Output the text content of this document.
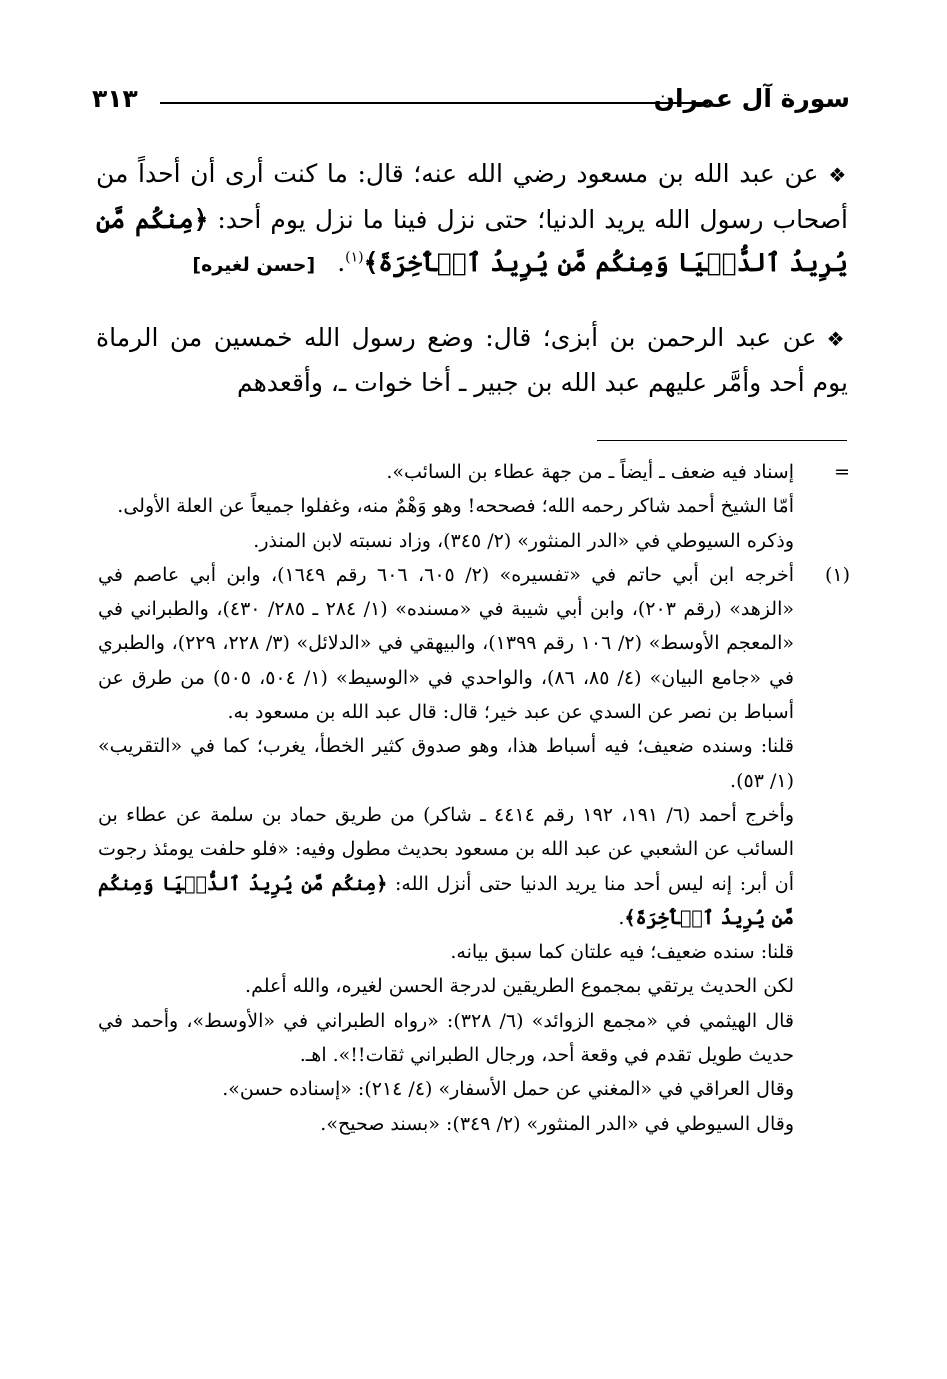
سورة آل عمران
٣١٣

❖عن عبد الله بن مسعود رضي الله عنه؛ قال: ما كنت أرى أن أحداً من أصحاب رسول الله يريد الدنيا؛ حتى نزل فينا ما نزل يوم أحد: ﴿مِنكُم مَّن يُرِيدُ ٱلدُّنۡيَا وَمِنكُم مَّن يُرِيدُ ٱلۡأٓخِرَةَ﴾$^{(١)}$.[حسن لغيره]

❖عن عبد الرحمن بن أبزى؛ قال: وضع رسول الله خمسين من الرماة يوم أحد وأمَّر عليهم عبد الله بن جبير ـ أخا خوات ـ، وأقعدهم

=

إسناد فيه ضعف ـ أيضاً ـ من جهة عطاء بن السائب».

أمّا الشيخ أحمد شاكر رحمه الله؛ فصححه! وهو وَهْمٌ منه، وغفلوا جميعاً عن العلة الأولى.

وذكره السيوطي في «الدر المنثور» (٢/ ٣٤٥)، وزاد نسبته لابن المنذر.

(١)

أخرجه ابن أبي حاتم في «تفسيره» (٢/ ٦٠٥، ٦٠٦ رقم ١٦٤٩)، وابن أبي عاصم في «الزهد» (رقم ٢٠٣)، وابن أبي شيبة في «مسنده» (١/ ٢٨٤ ـ ٢٨٥/ ٤٣٠)، والطبراني في «المعجم الأوسط» (٢/ ١٠٦ رقم ١٣٩٩)، والبيهقي في «الدلائل» (٣/ ٢٢٨، ٢٢٩)، والطبري في «جامع البيان» (٤/ ٨٥، ٨٦)، والواحدي في «الوسيط» (١/ ٥٠٤، ٥٠٥) من طرق عن أسباط بن نصر عن السدي عن عبد خير؛ قال: قال عبد الله بن مسعود به.

قلنا: وسنده ضعيف؛ فيه أسباط هذا، وهو صدوق كثير الخطأ، يغرب؛ كما في «التقريب» (١/ ٥٣).

وأخرج أحمد (٦/ ١٩١، ١٩٢ رقم ٤٤١٤ ـ شاكر) من طريق حماد بن سلمة عن عطاء بن السائب عن الشعبي عن عبد الله بن مسعود بحديث مطول وفيه: «فلو حلفت يومئذ رجوت أن أبر: إنه ليس أحد منا يريد الدنيا حتى أنزل الله: ﴿مِنكُم مَّن يُرِيدُ ٱلدُّنۡيَا وَمِنكُم مَّن يُرِيدُ ٱلۡأٓخِرَةَ﴾.

قلنا: سنده ضعيف؛ فيه علتان كما سبق بيانه.

لكن الحديث يرتقي بمجموع الطريقين لدرجة الحسن لغيره، والله أعلم.

قال الهيثمي في «مجمع الزوائد» (٦/ ٣٢٨): «رواه الطبراني في «الأوسط»، وأحمد في حديث طويل تقدم في وقعة أحد، ورجال الطبراني ثقات!!». اهـ.

وقال العراقي في «المغني عن حمل الأسفار» (٤/ ٢١٤): «إسناده حسن».

وقال السيوطي في «الدر المنثور» (٢/ ٣٤٩): «بسند صحيح».
